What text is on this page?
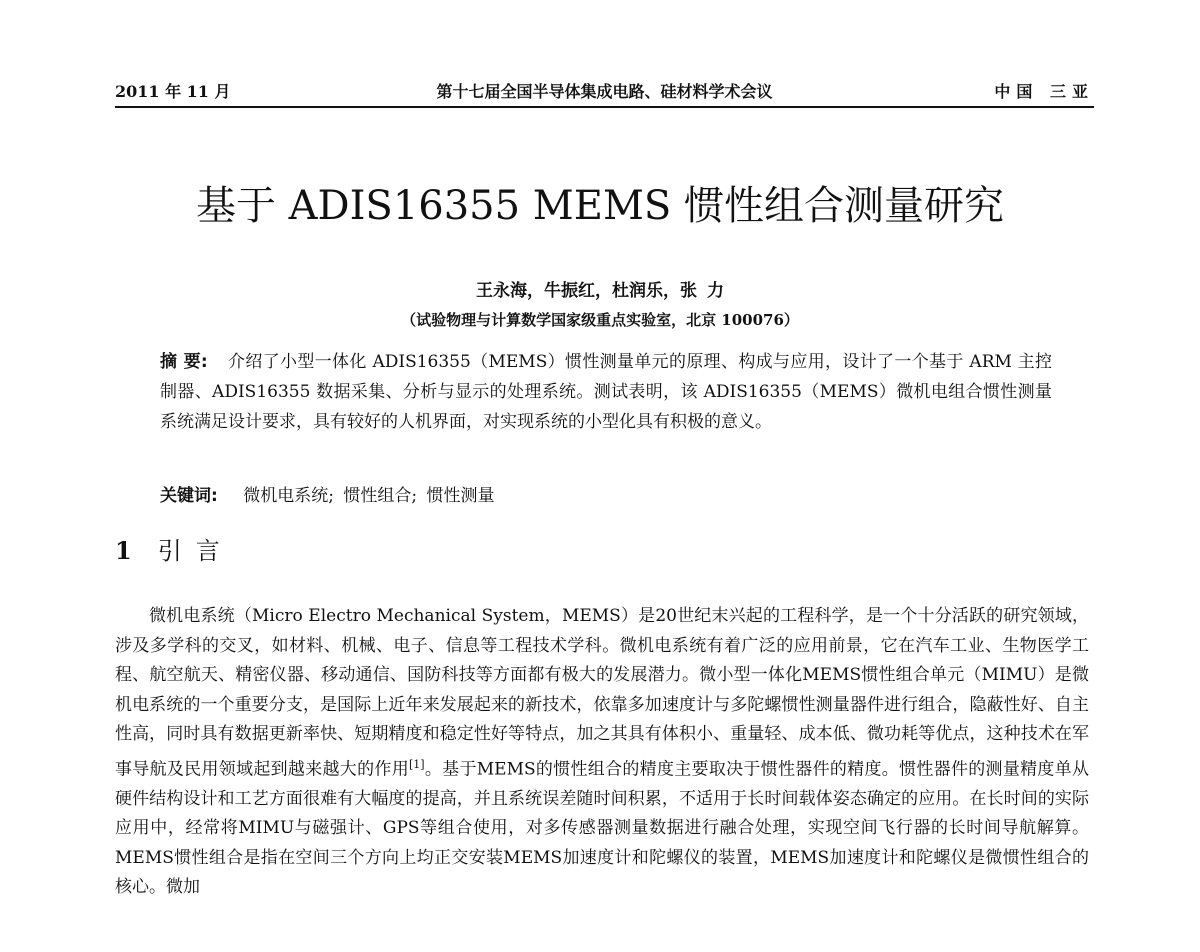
2011 年 11 月	第十七届全国半导体集成电路、硅材料学术会议	中国 三亚
基于 ADIS16355 MEMS 惯性组合测量研究
王永海，牛振红，杜润乐，张 力
（试验物理与计算数学国家级重点实验室，北京 100076）
摘 要: 介绍了小型一体化 ADIS16355（MEMS）惯性测量单元的原理、构成与应用，设计了一个基于 ARM 主控制器、ADIS16355 数据采集、分析与显示的处理系统。测试表明，该 ADIS16355（MEMS）微机电组合惯性测量系统满足设计要求，具有较好的人机界面，对实现系统的小型化具有积极的意义。
关键词: 微机电系统; 惯性组合; 惯性测量
1 引言

微机电系统（Micro Electro Mechanical System，MEMS）是20世纪末兴起的工程科学，是一个十分活跃的研究领域，涉及多学科的交叉，如材料、机械、电子、信息等工程技术学科。微机电系统有着广泛的应用前景，它在汽车工业、生物医学工程、航空航天、精密仪器、移动通信、国防科技等方面都有极大的发展潜力。微小型一体化MEMS惯性组合单元（MIMU）是微机电系统的一个重要分支，是国际上近年来发展起来的新技术，依靠多加速度计与多陀螺惯性测量器件进行组合，隐蔽性好、自主性高，同时具有数据更新率快、短期精度和稳定性好等特点，加之其具有体积小、重量轻、成本低、微功耗等优点，这种技术在军事导航及民用领域起到越来越大的作用[1]。基于MEMS的惯性组合的精度主要取决于惯性器件的精度。惯性器件的测量精度单从硬件结构设计和工艺方面很难有大幅度的提高，并且系统误差随时间积累，不适用于长时间载体姿态确定的应用。在长时间的实际应用中，经常将MIMU与磁强计、GPS等组合使用，对多传感器测量数据进行融合处理，实现空间飞行器的长时间导航解算。MEMS惯性组合是指在空间三个方向上均正交安装MEMS加速度计和陀螺仪的装置，MEMS加速度计和陀螺仪是微惯性组合的核心。微加
